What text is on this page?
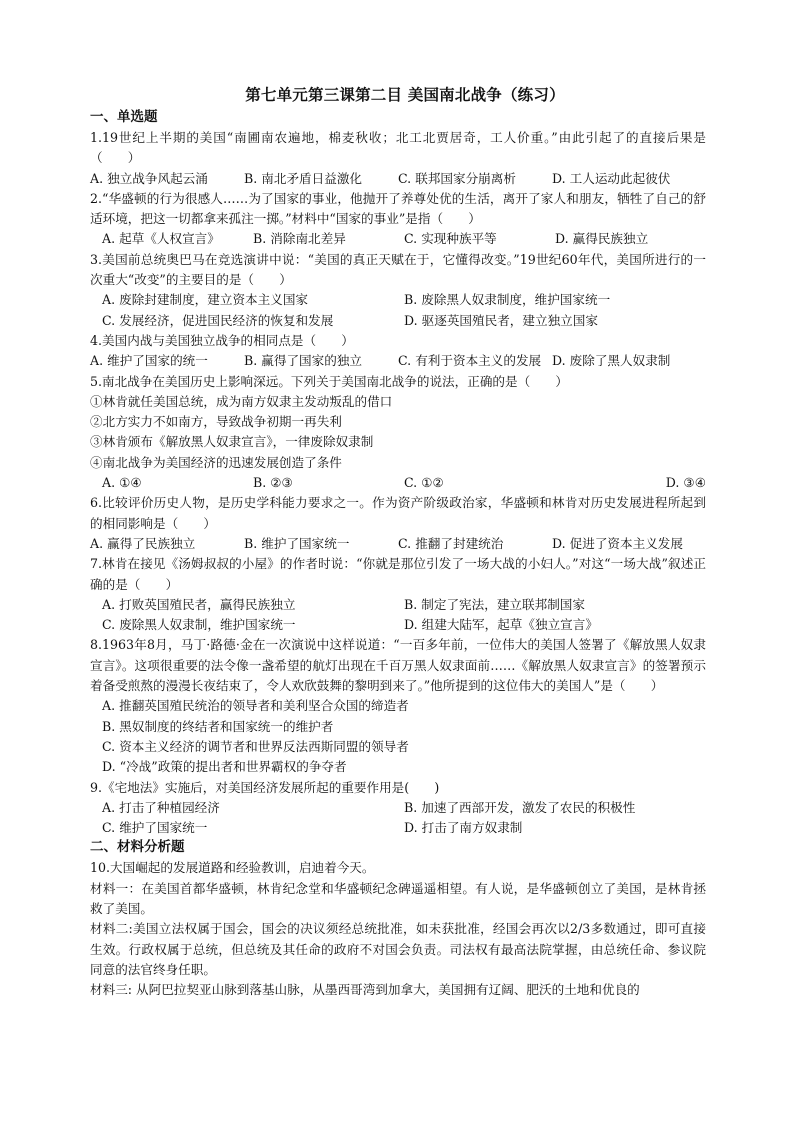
第七单元第三课第二目 美国南北战争（练习）
一、单选题

1.19世纪上半期的美国“南圃南农遍地，棉麦秋收；北工北贾居奇，工人价重。”由此引起了的直接后果是（　　）

A. 独立战争风起云涌	B. 南北矛盾日益激化	C. 联邦国家分崩离析	D. 工人运动此起彼伏

2.“华盛顿的行为很感人……为了国家的事业，他抛开了养尊处优的生活，离开了家人和朋友，牺牲了自己的舒适环境，把这一切都拿来孤注一掷。”材料中“国家的事业”是指（　　）

A. 起草《人权宣言》	B. 消除南北差异	C. 实现种族平等	D. 赢得民族独立

3.美国前总统奥巴马在竞选演讲中说：“美国的真正天赋在于，它懂得改变。”19世纪60年代，美国所进行的一次重大“改变”的主要目的是（　　）

A. 废除封建制度，建立资本主义国家	B. 废除黑人奴隶制度，维护国家统一
C. 发展经济，促进国民经济的恢复和发展	D. 驱逐英国殖民者，建立独立国家

4.美国内战与美国独立战争的相同点是（　　）

A. 维护了国家的统一	B. 赢得了国家的独立	C. 有利于资本主义的发展 D. 废除了黑人奴隶制

5.南北战争在美国历史上影响深远。下列关于美国南北战争的说法，正确的是（　　）

①林肯就任美国总统，成为南方奴隶主发动叛乱的借口
②北方实力不如南方，导致战争初期一再失利
③林肯颁布《解放黑人奴隶宣言》，一律废除奴隶制
④南北战争为美国经济的迅速发展创造了条件
A. ①④	B. ②③	C. ①②	D. ③④

6.比较评价历史人物，是历史学科能力要求之一。作为资产阶级政治家，华盛顿和林肯对历史发展进程所起到的相同影响是（　　）

A. 赢得了民族独立	B. 维护了国家统一	C. 推翻了封建统治	D. 促进了资本主义发展

7.林肯在接见《汤姆叔叔的小屋》的作者时说：“你就是那位引发了一场大战的小妇人。”对这“一场大战”叙述正确的是（　　）

A. 打败英国殖民者，赢得民族独立	B. 制定了宪法，建立联邦制国家
C. 废除黑人奴隶制，维护国家统一	D. 组建大陆军，起草《独立宣言》

8.1963年8月，马丁·路德·金在一次演说中这样说道：“一百多年前，一位伟大的美国人签署了《解放黑人奴隶宣言》。这项很重要的法令像一盏希望的航灯出现在千百万黑人奴隶面前……《解放黑人奴隶宣言》的签署预示着备受煎熬的漫漫长夜结束了，令人欢欣鼓舞的黎明到来了。”他所提到的这位伟大的美国人”是（　　）

A. 推翻英国殖民统治的领导者和美利坚合众国的缔造者
B. 黑奴制度的终结者和国家统一的维护者
C. 资本主义经济的调节者和世界反法西斯同盟的领导者
D. “冷战”政策的提出者和世界霸权的争夺者

9.《宅地法》实施后，对美国经济发展所起的重要作用是(　　)

A. 打击了种植园经济	B. 加速了西部开发，激发了农民的积极性
C. 维护了国家统一	D. 打击了南方奴隶制
二、材料分析题

10.大国崛起的发展道路和经验教训，启迪着今天。

材料一：在美国首都华盛顿，林肯纪念堂和华盛顿纪念碑遥遥相望。有人说，是华盛顿创立了美国，是林肯拯救了美国。

材料二:美国立法权属于国会，国会的决议须经总统批准，如未获批准，经国会再次以2/3多数通过，即可直接生效。行政权属于总统，但总统及其任命的政府不对国会负责。司法权有最高法院掌握，由总统任命、参议院同意的法官终身任职。

材料三: 从阿巴拉契亚山脉到落基山脉，从墨西哥湾到加拿大，美国拥有辽阔、肥沃的土地和优良的
